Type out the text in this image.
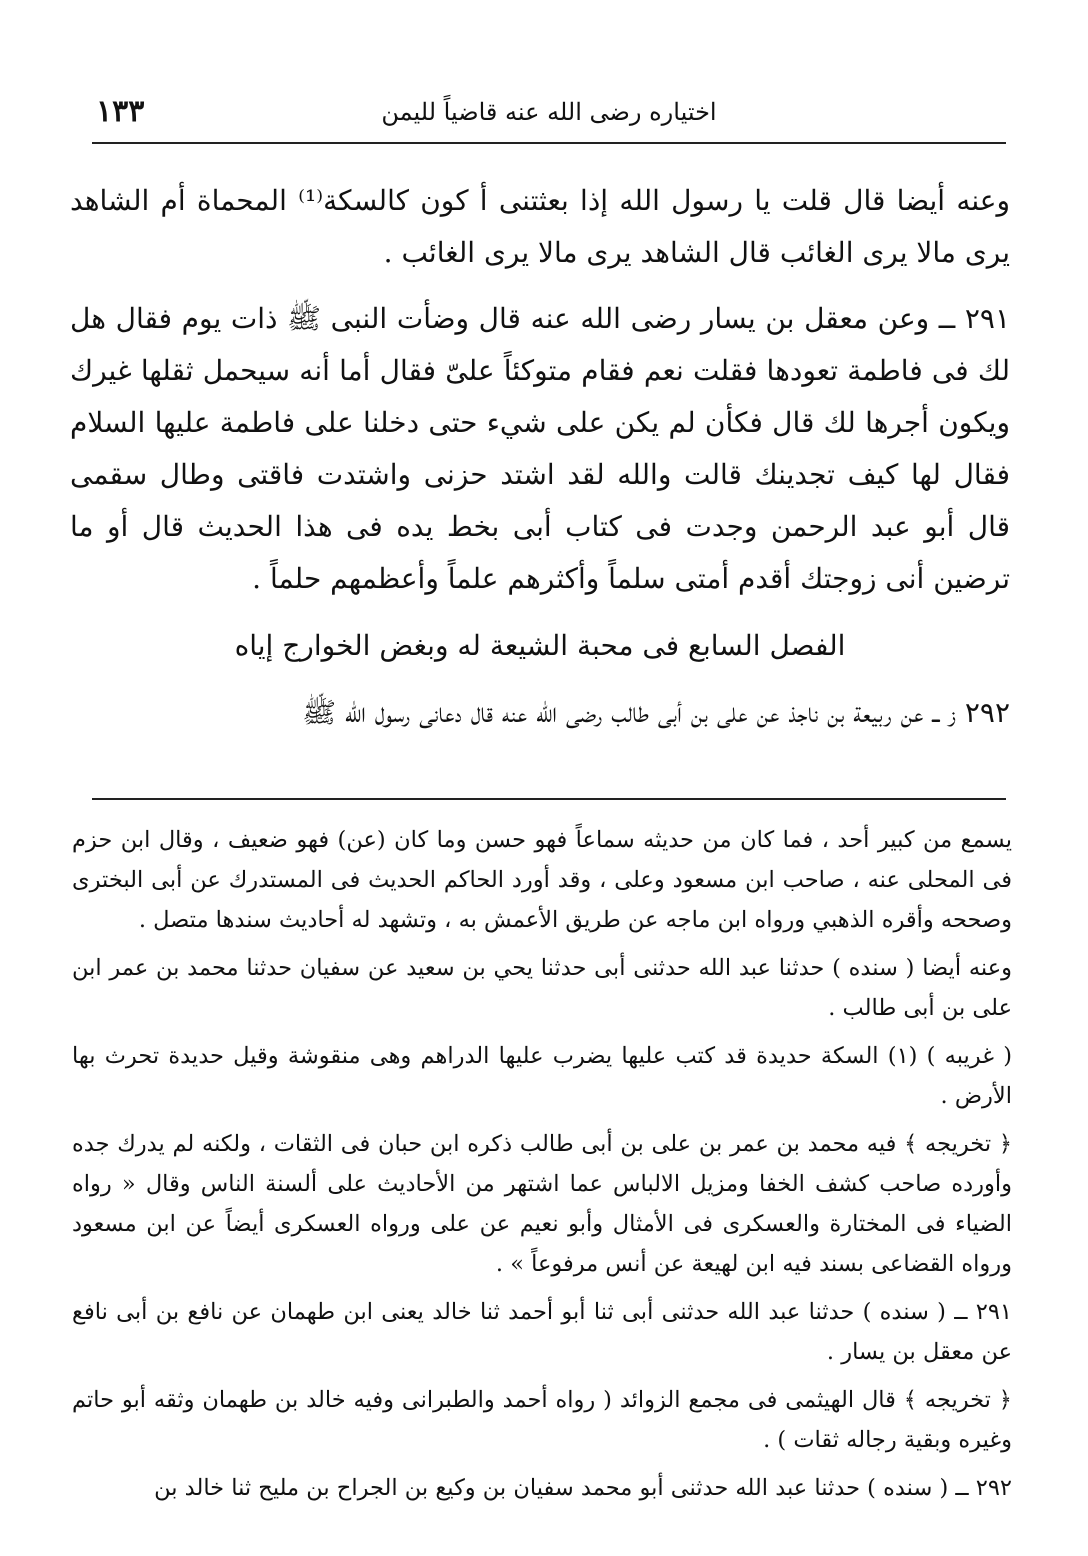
١٣٣	اختياره رضى الله عنه قاضياً لليمن

وعنه أيضا قال قلت يا رسول الله إذا بعثتنى أ كون كالسكة⁽¹⁾ المحماة أم الشاهد يرى مالا يرى الغائب قال الشاهد يرى مالا يرى الغائب .

٢٩١ ــ وعن معقل بن يسار رضى الله عنه قال وضأت النبى ﷺ ذات يوم فقال هل لك فى فاطمة تعودها فقلت نعم فقام متوكئاً علىّ فقال أما أنه سيحمل ثقلها غيرك ويكون أجرها لك قال فكأن لم يكن على شيء حتى دخلنا على فاطمة عليها السلام فقال لها كيف تجدينك قالت والله لقد اشتد حزنى واشتدت فاقتى وطال سقمى قال أبو عبد الرحمن وجدت فى كتاب أبى بخط يده فى هذا الحديث قال أو ما ترضين أنى زوجتك أقدم أمتى سلماً وأكثرهم علماً وأعظمهم حلماً .

الفصل السابع فى محبة الشيعة له وبغض الخوارج إياه

٢٩٢ ز ــ عن ربيعة بن ناجذ عن على بن أبى طالب رضى الله عنه قال دعانى رسول الله ﷺ

يسمع من كبير أحد ، فما كان من حديثه سماعاً فهو حسن وما كان (عن) فهو ضعيف ، وقال ابن حزم فى المحلى عنه ، صاحب ابن مسعود وعلى ، وقد أورد الحاكم الحديث فى المستدرك عن أبى البخترى وصححه وأقره الذهبي ورواه ابن ماجه عن طريق الأعمش به ، وتشهد له أحاديث سندها متصل .

وعنه أيضا ( سنده ) حدثنا عبد الله حدثنى أبى حدثنا يحي بن سعيد عن سفيان حدثنا محمد بن عمر ابن على بن أبى طالب .

( غريبه ) (١) السكة حديدة قد كتب عليها يضرب عليها الدراهم وهى منقوشة وقيل حديدة تحرث بها الأرض .

﴿ تخريجه ﴾ فيه محمد بن عمر بن على بن أبى طالب ذكره ابن حبان فى الثقات ، ولكنه لم يدرك جده وأورده صاحب كشف الخفا ومزيل الالباس عما اشتهر من الأحاديث على ألسنة الناس وقال « رواه الضياء فى المختارة والعسكرى فى الأمثال وأبو نعيم عن على ورواه العسكرى أيضاً عن ابن مسعود ورواه القضاعى بسند فيه ابن لهيعة عن أنس مرفوعاً » .

٢٩١ ــ ( سنده ) حدثنا عبد الله حدثنى أبى ثنا أبو أحمد ثنا خالد يعنى ابن طهمان عن نافع بن أبى نافع عن معقل بن يسار .

﴿ تخريجه ﴾ قال الهيثمى فى مجمع الزوائد ( رواه أحمد والطبرانى وفيه خالد بن طهمان وثقه أبو حاتم وغيره وبقية رجاله ثقات ) .

٢٩٢ ــ ( سنده ) حدثنا عبد الله حدثنى أبو محمد سفيان بن وكيع بن الجراح بن مليح ثنا خالد بن
